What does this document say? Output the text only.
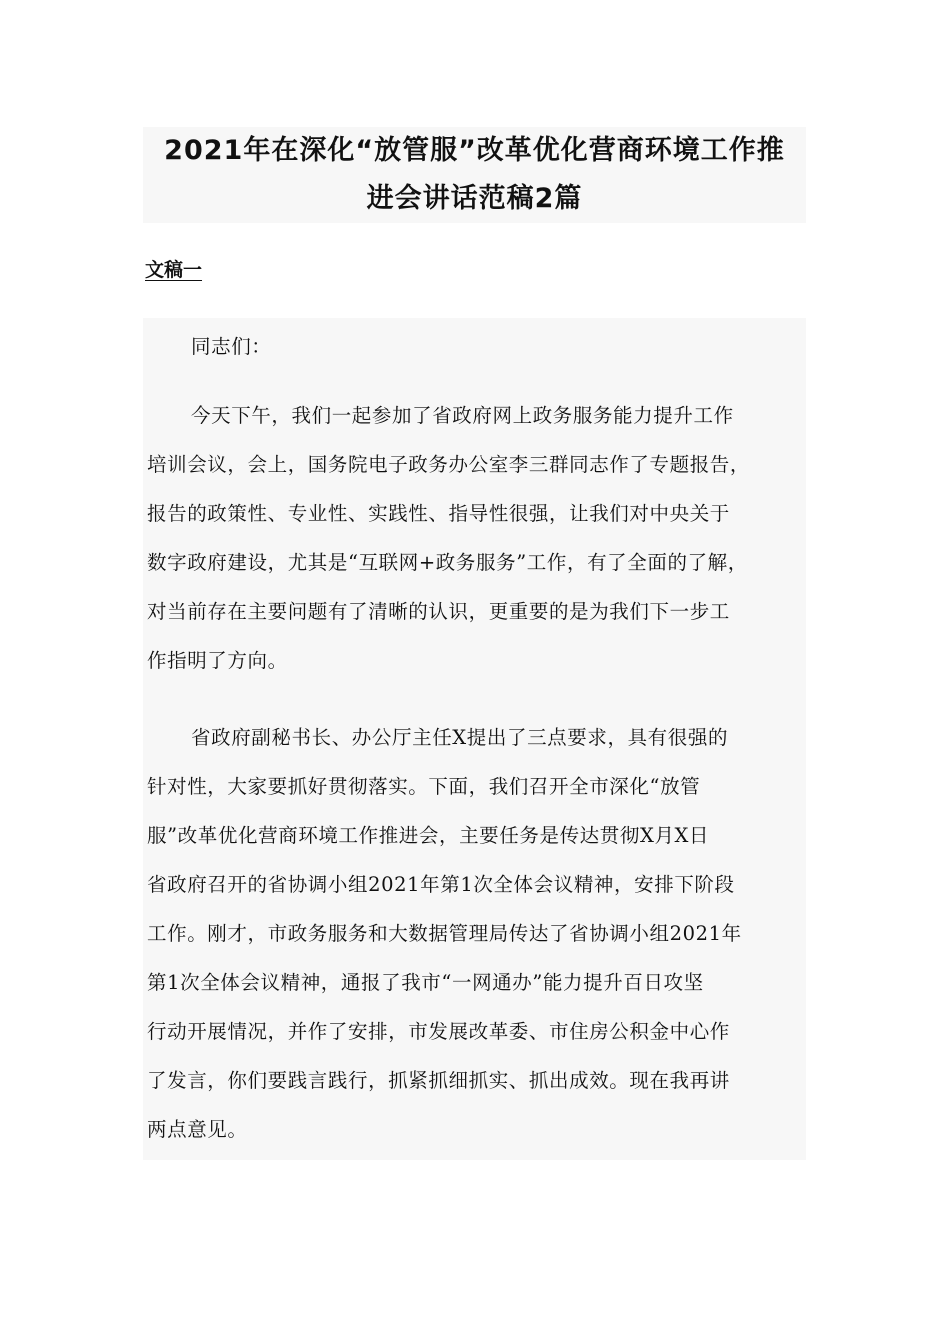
2021年在深化“放管服”改革优化营商环境工作推
进会讲话范稿2篇
文稿一
同志们：
今天下午，我们一起参加了省政府网上政务服务能力提升工作
培训会议，会上，国务院电子政务办公室李三群同志作了专题报告，
报告的政策性、专业性、实践性、指导性很强，让我们对中央关于
数字政府建设，尤其是“互联网+政务服务”工作，有了全面的了解，
对当前存在主要问题有了清晰的认识，更重要的是为我们下一步工
作指明了方向。
省政府副秘书长、办公厅主任X提出了三点要求，具有很强的
针对性，大家要抓好贯彻落实。下面，我们召开全市深化“放管
服”改革优化营商环境工作推进会，主要任务是传达贯彻X月X日
省政府召开的省协调小组2021年第1次全体会议精神，安排下阶段
工作。刚才，市政务服务和大数据管理局传达了省协调小组2021年
第1次全体会议精神，通报了我市“一网通办”能力提升百日攻坚
行动开展情况，并作了安排，市发展改革委、市住房公积金中心作
了发言，你们要践言践行，抓紧抓细抓实、抓出成效。现在我再讲
两点意见。
